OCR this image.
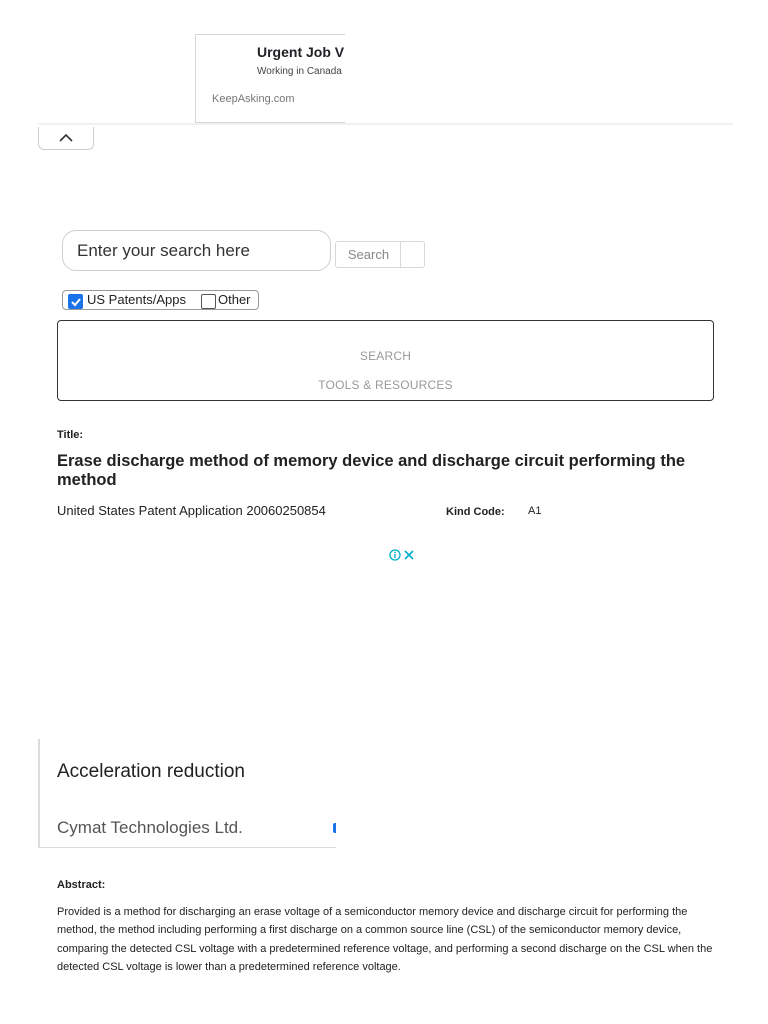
Urgent Job V
Working in Canada
KeepAsking.com
Enter your search here
Search
US Patents/Apps Other
SEARCH
TOOLS & RESOURCES
Title:
Erase discharge method of memory device and discharge circuit performing the method
United States Patent Application 20060250854	Kind Code: A1
Acceleration reduction
Cymat Technologies Ltd.
Abstract:
Provided is a method for discharging an erase voltage of a semiconductor memory device and discharge circuit for performing the method, the method including performing a first discharge on a common source line (CSL) of the semiconductor memory device, comparing the detected CSL voltage with a predetermined reference voltage, and performing a second discharge on the CSL when the detected CSL voltage is lower than a predetermined reference voltage.
